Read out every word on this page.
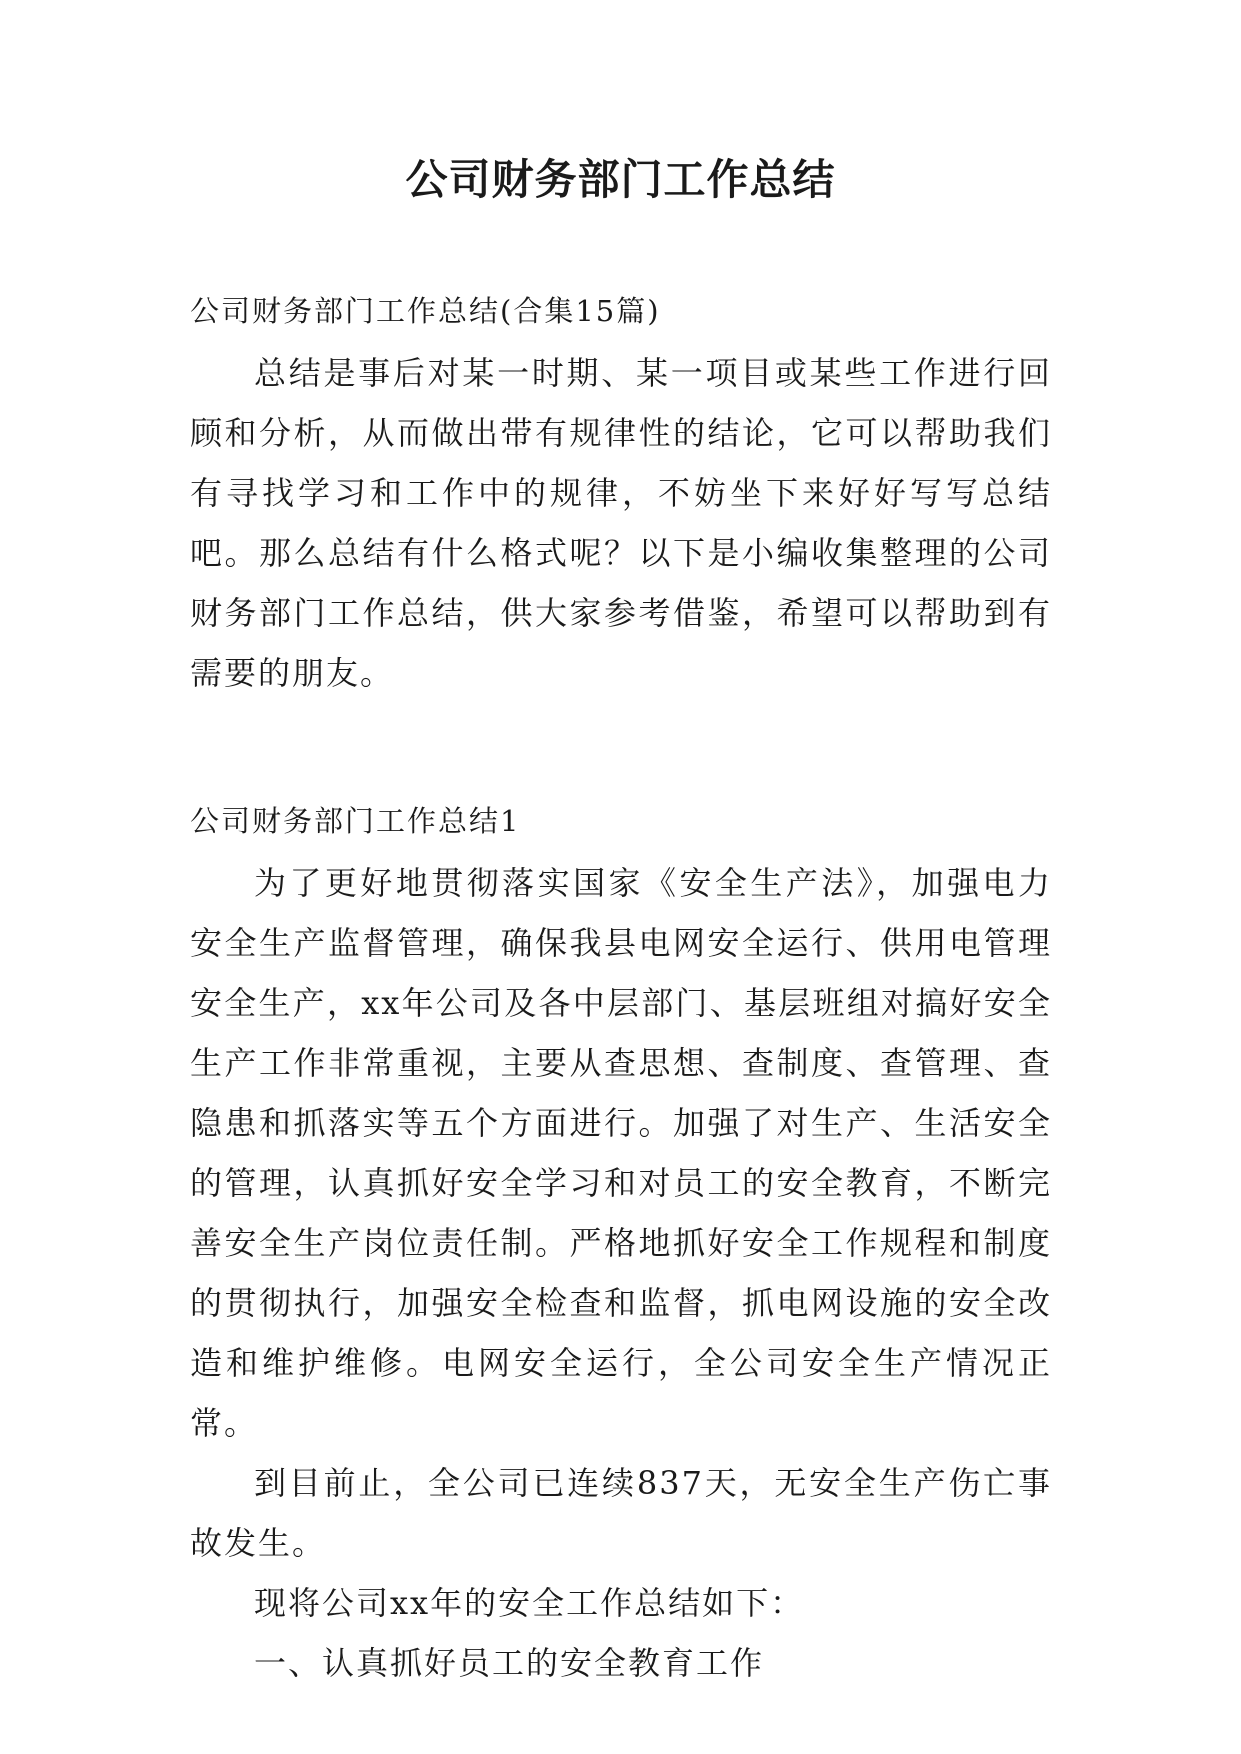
公司财务部门工作总结

公司财务部门工作总结(合集15篇)

总结是事后对某一时期、某一项目或某些工作进行回顾和分析，从而做出带有规律性的结论，它可以帮助我们有寻找学习和工作中的规律，不妨坐下来好好写写总结吧。那么总结有什么格式呢？以下是小编收集整理的公司财务部门工作总结，供大家参考借鉴，希望可以帮助到有需要的朋友。

公司财务部门工作总结1

为了更好地贯彻落实国家《安全生产法》，加强电力安全生产监督管理，确保我县电网安全运行、供用电管理安全生产，xx年公司及各中层部门、基层班组对搞好安全生产工作非常重视，主要从查思想、查制度、查管理、查隐患和抓落实等五个方面进行。加强了对生产、生活安全的管理，认真抓好安全学习和对员工的安全教育，不断完善安全生产岗位责任制。严格地抓好安全工作规程和制度的贯彻执行，加强安全检查和监督，抓电网设施的安全改造和维护维修。电网安全运行，全公司安全生产情况正常。

到目前止，全公司已连续837天，无安全生产伤亡事故发生。

现将公司xx年的安全工作总结如下：

一、认真抓好员工的安全教育工作
